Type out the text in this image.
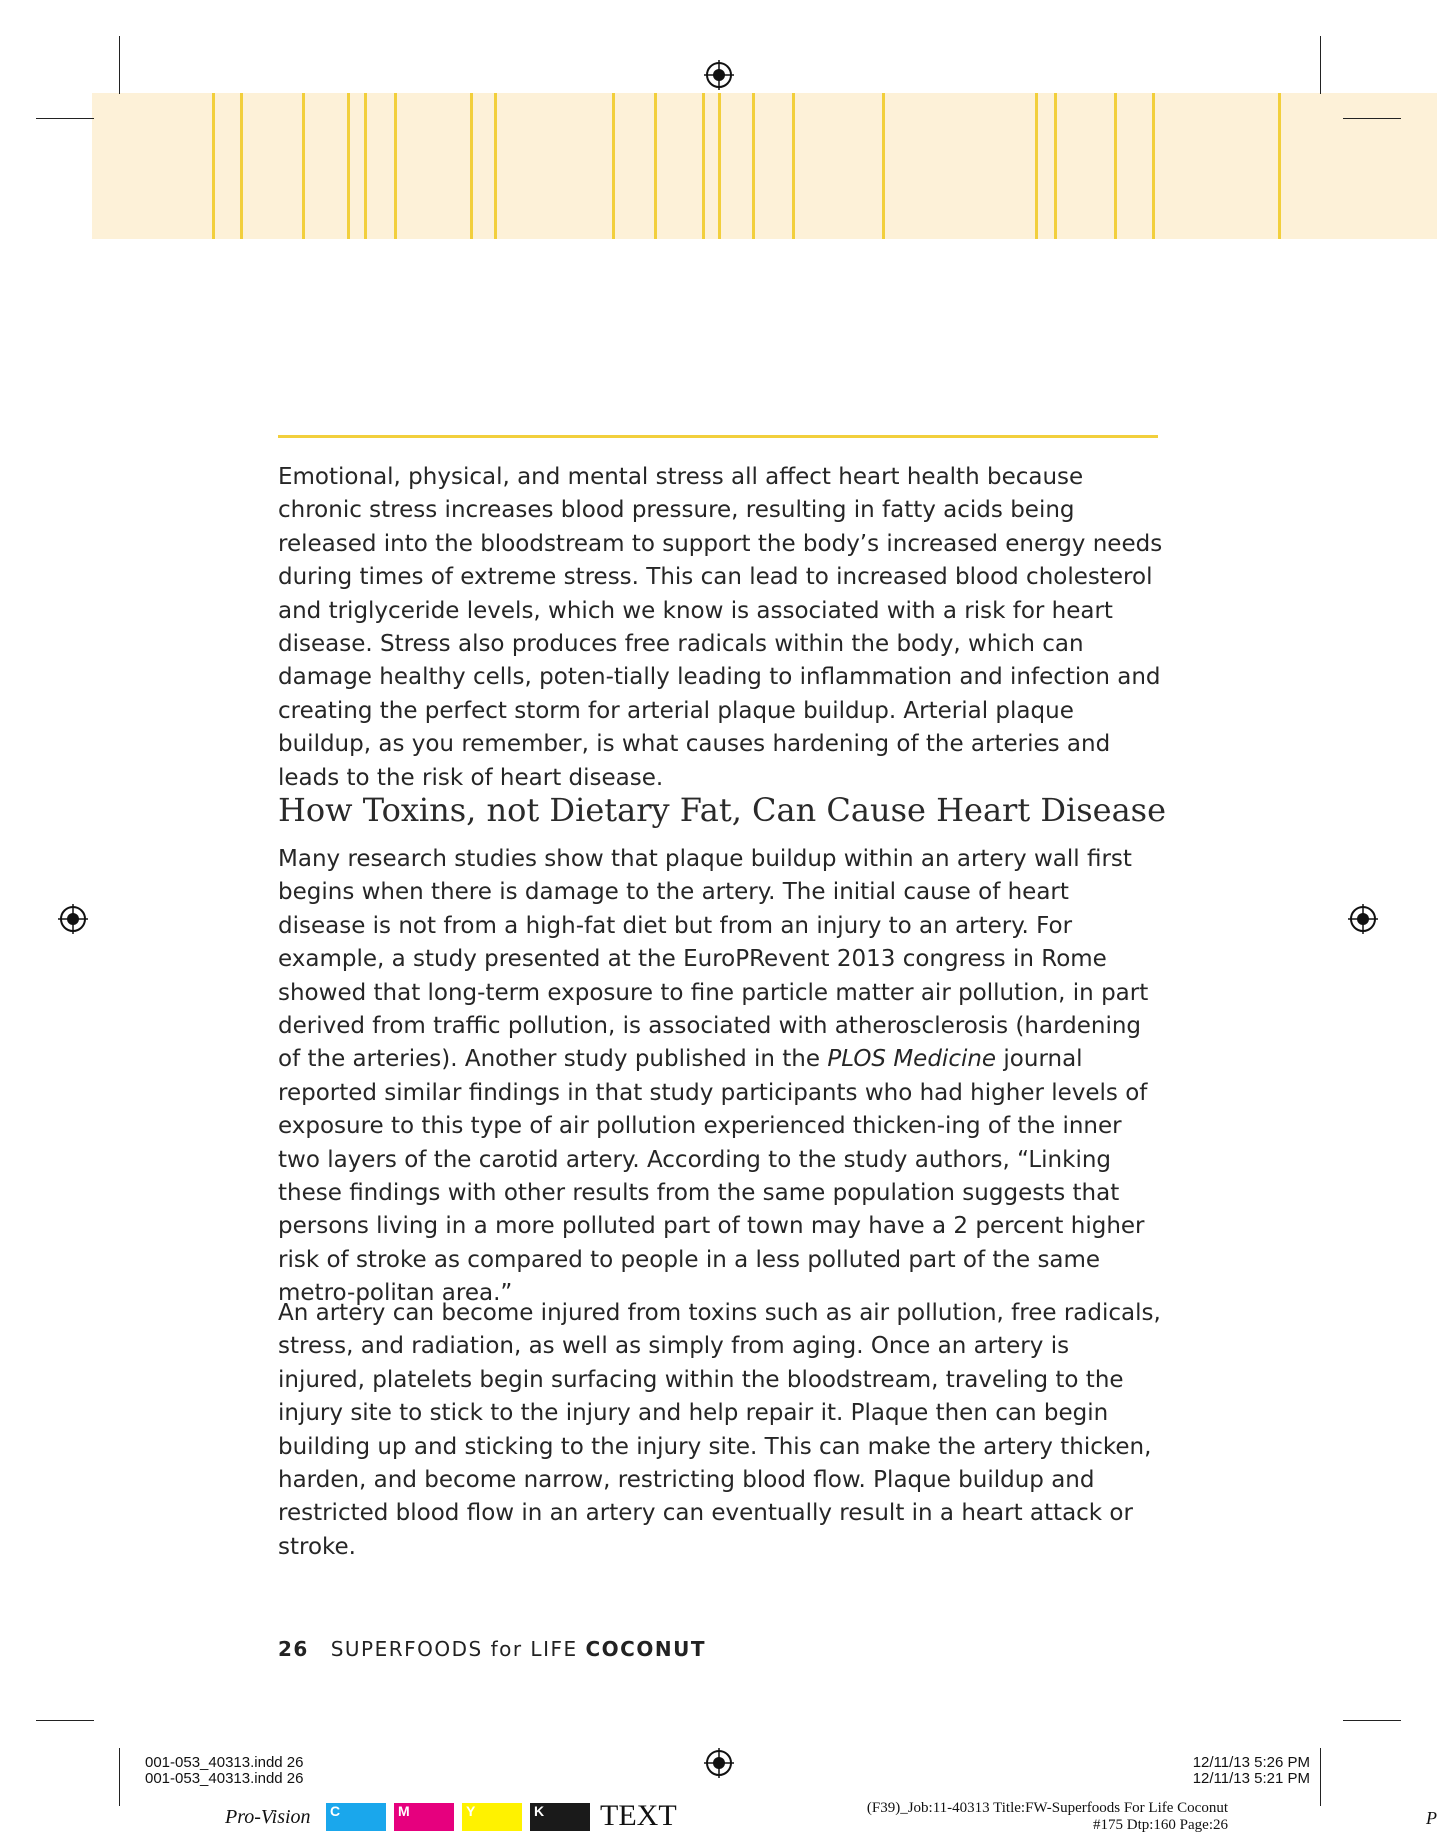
Emotional, physical, and mental stress all affect heart health because chronic stress increases blood pressure, resulting in fatty acids being released into the bloodstream to support the body’s increased energy needs during times of extreme stress. This can lead to increased blood cholesterol and triglyceride levels, which we know is associated with a risk for heart disease. Stress also produces free radicals within the body, which can damage healthy cells, poten-tially leading to inflammation and infection and creating the perfect storm for arterial plaque buildup. Arterial plaque buildup, as you remember, is what causes hardening of the arteries and leads to the risk of heart disease.

How Toxins, not Dietary Fat, Can Cause Heart Disease

Many research studies show that plaque buildup within an artery wall first begins when there is damage to the artery. The initial cause of heart disease is not from a high-fat diet but from an injury to an artery. For example, a study presented at the EuroPRevent 2013 congress in Rome showed that long-term exposure to fine particle matter air pollution, in part derived from traffic pollution, is associated with atherosclerosis (hardening of the arteries). Another study published in the PLOS Medicine journal reported similar findings in that study participants who had higher levels of exposure to this type of air pollution experienced thicken-ing of the inner two layers of the carotid artery. According to the study authors, “Linking these findings with other results from the same population suggests that persons living in a more polluted part of town may have a 2 percent higher risk of stroke as compared to people in a less polluted part of the same metro-politan area.”

An artery can become injured from toxins such as air pollution, free radicals, stress, and radiation, as well as simply from aging. Once an artery is injured, platelets begin surfacing within the bloodstream, traveling to the injury site to stick to the injury and help repair it. Plaque then can begin building up and sticking to the injury site. This can make the artery thicken, harden, and become narrow, restricting blood flow. Plaque buildup and restricted blood flow in an artery can eventually result in a heart attack or stroke.

26 SUPERFOODS for LIFE COCONUT
001-053_40313.indd 26
001-053_40313.indd 26
12/11/13 5:26 PM
12/11/13 5:21 PM
Pro-Vision C	M	Y	K	TEXT	(F39)_Job:11-40313 Title:FW-Superfoods For Life Coconut
#175 Dtp:160 Page:26	P
